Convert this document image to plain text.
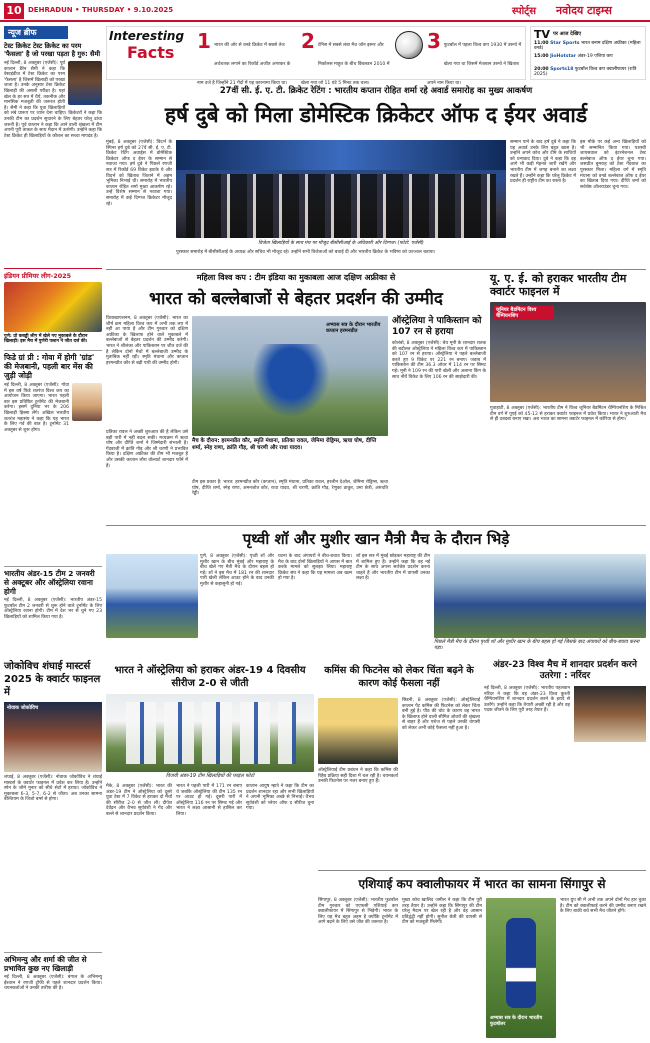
10 DEHRADUN • THURSDAY • 9.10.2025	स्पोर्ट्स नवोदय टाइम्स
न्यूज ब्रीफ
टेस्ट क्रिकेट टेस्ट क्रिकेट का परम 'फैसला' है जो परखा पड़ता है गुरु: सैमी
नई दिल्ली, 8 अक्तूबर (एजेंसी): पूर्व कप्तान डैरेन सैमी ने कहा कि वेस्टइंडीज में टेस्ट क्रिकेट का परम 'फैसला' है जिसमें खिलाड़ी को परखा जाता है। उनके अनुसार टेस्ट क्रिकेट खिलाड़ी की असली परीक्षा है। यहां खेल के हर सत्र में धैर्य, तकनीक और मानसिक मजबूती की जरूरत होती है। सैमी ने कहा कि युवा खिलाड़ियों को लंबे प्रारूप पर ध्यान देना चाहिए। क्रिकेटरों ने कहा कि उनकी टीम का प्रदर्शन सुधारने के लिए बेहतर घरेलू ढांचा जरूरी है। पूर्व कप्तान ने कहा कि आने वाली श्रृंखला में टीम अपनी पूरी ताकत के साथ मैदान में उतरेगी। उन्होंने कहा कि टेस्ट क्रिकेट ही खिलाड़ियों के कौशल का सच्चा मापदंड है।
इंडियन प्रीमियर लीग-2025
पुणे: प्रो कबड्डी लीग में खेले गए मुकाबले के दौरान खिलाड़ी। इस मैच में पुणेरी पल्टन ने जीत दर्ज की।
फिडे ग्रां प्री : गोवा में होगी 'ग्रांड' की मेजबानी, पहली बार मेंस की जुड़ी जोड़ी
नई दिल्ली, 8 अक्तूबर (एजेंसी): गोवा में इस वर्ष फिडे शतरंज विश्व कप का आयोजन किया जाएगा। भारत पहली बार इस प्रतिष्ठित टूर्नामेंट की मेजबानी करेगा। इसमें दुनिया भर के 206 खिलाड़ी हिस्सा लेंगे। अखिल भारतीय शतरंज महासंघ ने कहा कि यह भारत के लिए गर्व की बात है। टूर्नामेंट 31 अक्तूबर से शुरू होगा।
भारतीय अंडर-15 टीम 2 जनवरी से अक्टूबर और ऑस्ट्रेलिया रवाना होगी
नई दिल्ली, 8 अक्तूबर (एजेंसी): भारतीय अंडर-15 फुटबॉल टीम 2 जनवरी से शुरू होने वाले टूर्नामेंट के लिए ऑस्ट्रेलिया रवाना होगी। टीम में देश भर से चुने गए 23 खिलाड़ियों को शामिल किया गया है।
Interesting
Facts	1 भारत की ओर से वनडे क्रिकेट में सबसे तेज अर्धशतक लगाने का रिकॉर्ड अजीत अगरकर के नाम दर्ज है जिन्होंने 21 गेंदों में यह कारनामा किया था।
2 टेनिस में सबसे लंबा मैच जॉन इस्नर और निकोलस माहुत के बीच विंबलडन 2010 में खेला गया जो 11 घंटे 5 मिनट तक चला।
3 फुटबॉल में पहला विश्व कप 1930 में उरुग्वे में खेला गया था जिसमें मेजबान उरुग्वे ने खिताब अपने नाम किया था।
TV पर आज देखिए
11:00 Star Sports भारत बनाम दक्षिण अफ्रीका (महिला वनडे)
15:00 JioHotstar अंडर-19 एशिया कप
20:00 Sports18 फुटबॉल विश्व कप क्वालीफायर (रात्रि 2025)
27वीं सी. ई. ए. टी. क्रिकेट रेटिंग : भारतीय कप्तान रोहित शर्मा रहे अवार्ड समारोह का मुख्य आकर्षण
हर्ष दुबे को मिला डोमेस्टिक क्रिकेटर ऑफ द ईयर अवार्ड
मुंबई, 8 अक्तूबर (एजेंसी): विदर्भ के स्पिनर हर्ष दुबे को 27वें सी. ई. ए. टी. क्रिकेट रेटिंग अवार्ड्स में डोमेस्टिक क्रिकेटर ऑफ द ईयर के सम्मान से नवाजा गया। हर्ष दुबे ने पिछले रणजी सत्र में रिकॉर्ड 69 विकेट झटके थे और विदर्भ को खिताब जिताने में अहम भूमिका निभाई थी। समारोह में भारतीय कप्तान रोहित शर्मा मुख्य आकर्षण रहे। उन्हें विशेष सम्मान से नवाजा गया। समारोह में कई दिग्गज क्रिकेटर मौजूद रहे।
विजेता खिलाड़ियों के साथ मंच पर मौजूद बीसीसीआई के अधिकारी और दिग्गज। (फोटो: एजेंसी)
सम्मान पाने के बाद हर्ष दुबे ने कहा कि यह अवार्ड उनके लिए बहुत खास है। उन्होंने अपने कोच और टीम के साथियों को धन्यवाद दिया। दुबे ने कहा कि वह आगे भी कड़ी मेहनत जारी रखेंगे और भारतीय टीम में जगह बनाने का लक्ष्य रखते हैं। उन्होंने कहा कि घरेलू क्रिकेट में प्रदर्शन ही राष्ट्रीय टीम का रास्ता है।
इस मौके पर कई अन्य खिलाड़ियों को भी सम्मानित किया गया। यशस्वी जायसवाल को इंटरनेशनल टेस्ट बल्लेबाज ऑफ द ईयर चुना गया। जसप्रीत बुमराह को टेस्ट गेंदबाज का पुरस्कार मिला। महिला वर्ग में स्मृति मंधाना को वनडे बल्लेबाज ऑफ द ईयर का खिताब दिया गया। दीप्ति शर्मा को सर्वश्रेष्ठ ऑलराउंडर चुना गया।
पुरस्कार समारोह में बीसीसीआई के अध्यक्ष और सचिव भी मौजूद रहे। उन्होंने सभी विजेताओं को बधाई दी और भारतीय क्रिकेट के भविष्य को उज्ज्वल बताया।
महिला विश्व कप : टीम इंडिया का मुकाबला आज दक्षिण अफ्रीका से
भारत को बल्लेबाजों से बेहतर प्रदर्शन की उम्मीद
विशाखापत्तनम, 8 अक्तूबर (एजेंसी): भारत का शीर्ष क्रम महिला विश्व कप में अभी तक लय में नहीं आ पाया है और टीम गुरुवार को दक्षिण अफ्रीका के खिलाफ होने वाले मुकाबले में बल्लेबाजों से बेहतर प्रदर्शन की उम्मीद करेगी। भारत ने श्रीलंका और पाकिस्तान पर जीत दर्ज की है लेकिन दोनों मैचों में बल्लेबाजी उम्मीद के मुताबिक नहीं रही। स्मृति मंधाना और कप्तान हरमनप्रीत कौर से बड़ी पारी की उम्मीद होगी।
प्रतिका रावल ने अच्छी शुरुआत की है लेकिन उसे बड़ी पारी में नहीं बदल सकी। मध्यक्रम में ऋचा घोष और दीप्ति शर्मा ने जिम्मेदारी संभाली है। गेंदबाजी में क्रांति गौड़ और श्री चरणी ने प्रभावित किया है। दक्षिण अफ्रीका की टीम भी मजबूत है और उसकी कप्तान लौरा वोल्वार्ट शानदार फॉर्म में हैं।
अभ्यास सत्र के दौरान भारतीय कप्तान हरमनप्रीत
मैच के दौरान: हरमनप्रीत कौर, स्मृति मंधाना, प्रतिका रावल, जेमिमा रोड्रिग्स, ऋचा घोष, दीप्ति शर्मा, स्नेह राणा, क्रांति गौड़, श्री चरणी और राधा यादव।
टीम इस प्रकार है: भारत: हरमनप्रीत कौर (कप्तान), स्मृति मंधाना, प्रतिका रावल, हरलीन देओल, जेमिमा रोड्रिग्स, ऋचा घोष, दीप्ति शर्मा, स्नेह राणा, अमनजोत कौर, राधा यादव, श्री चरणी, क्रांति गौड़, रेणुका ठाकुर, उमा छेत्री, अरुंधति रेड्डी।
ऑस्ट्रेलिया ने पाकिस्तान को 107 रन से हराया
कोलंबो, 8 अक्तूबर (एजेंसी): बेथ मूनी के शानदार शतक की बदौलत ऑस्ट्रेलिया ने महिला विश्व कप में पाकिस्तान को 107 रन से हराया। ऑस्ट्रेलिया ने पहले बल्लेबाजी करते हुए 9 विकेट पर 221 रन बनाए। जवाब में पाकिस्तान की टीम 36.3 ओवर में 114 रन पर सिमट गई। मूनी ने 109 रन की पारी खेली और अलाना किंग के साथ नौवें विकेट के लिए 106 रन की साझेदारी की।
यू. ए. ई. को हराकर भारतीय टीम क्वार्टर फाइनल में
जूनियर बैडमिंटन विश्व चैम्पियनशिप
गुवाहाटी, 8 अक्तूबर (एजेंसी): भारतीय टीम ने विश्व जूनियर बैडमिंटन चैम्पियनशिप के मिश्रित टीम वर्ग में यूएई को 45-12 से हराकर क्वार्टर फाइनल में प्रवेश किया। भारत ने शुरुआती मैच से ही दबदबा बनाए रखा। अब भारत का सामना क्वार्टर फाइनल में कोरिया से होगा।
पृथ्वी शॉ और मुशीर खान मैत्री मैच के दौरान भिड़े
पुणे, 8 अक्तूबर (एजेंसी): पृथ्वी शॉ और मुशीर खान के बीच मुंबई और महाराष्ट्र के बीच खेले गए मैत्री मैच के दौरान बहस हो गई। शॉ ने इस मैच में 181 रन की शानदार पारी खेली लेकिन आउट होने के बाद उनकी मुशीर से कहासुनी हो गई।
घटना के बाद अंपायरों ने बीच-बचाव किया। मैच के बाद दोनों खिलाड़ियों ने आपस में बात करके मामले को सुलझा लिया। महाराष्ट्र क्रिकेट संघ ने कहा कि यह मामला अब खत्म हो गया है।
शॉ इस सत्र में मुंबई छोड़कर महाराष्ट्र की टीम में शामिल हुए हैं। उन्होंने कहा कि वह नई टीम के साथ अपना सर्वश्रेष्ठ प्रदर्शन करना चाहते हैं और भारतीय टीम में वापसी उनका लक्ष्य है।
पिछले मैत्री मैच के दौरान पृथ्वी शॉ और मुशीर खान के बीच बहस हो गई जिसके बाद अंपायरों को बीच-बचाव करना पड़ा।
जोकोविच शंघाई मास्टर्स 2025 के क्वार्टर फाइनल में
नोवाक जोकोविच
शंघाई, 8 अक्तूबर (एजेंसी): नोवाक जोकोविच ने शंघाई मास्टर्स के क्वार्टर फाइनल में प्रवेश कर लिया है। उन्होंने स्पेन के जौमे मुनार को सीधे सेटों में हराया। जोकोविच ने मुकाबला 6-3, 5-7, 6-2 से जीता। अब उनका सामना बेल्जियम के जिजो बर्ग्स से होगा।
अभिमन्यु और शर्मा की जीत से प्रभावित कुछ नए खिलाड़ी
नई दिल्ली, 8 अक्तूबर (एजेंसी): बंगाल के अभिमन्यु ईश्वरन ने रणजी ट्रॉफी से पहले शानदार प्रदर्शन किया। चयनकर्ताओं ने उनकी तारीफ की है।
भारत ने ऑस्ट्रेलिया को हराकर अंडर-19 4 दिवसीय सीरीज 2-0 से जीती
विजयी अंडर-19 टीम खिलाड़ियों की फाइल फोटो
मैके, 8 अक्तूबर (एजेंसी): भारत की अंडर-19 टीम ने ऑस्ट्रेलिया को दूसरे युवा टेस्ट में 7 विकेट से हराकर दो मैचों की सीरीज 2-0 से जीत ली। दीपेश देवेंद्रन और वैभव सूर्यवंशी ने गेंद और बल्ले से शानदार प्रदर्शन किया।
भारत ने पहली पारी में 171 रन बनाए थे जबकि ऑस्ट्रेलिया की टीम 135 रन पर आउट हो गई। दूसरी पारी में ऑस्ट्रेलिया 116 रन पर सिमट गई और भारत ने लक्ष्य आसानी से हासिल कर लिया।
कप्तान आयुष म्हात्रे ने कहा कि टीम का प्रदर्शन शानदार रहा और सभी खिलाड़ियों ने अपनी भूमिका अच्छे से निभाई। वैभव सूर्यवंशी को प्लेयर ऑफ द सीरीज चुना गया।
कमिंस की फिटनेस को लेकर चिंता बढ़ने के कारण कोई फैसला नहीं
सिडनी, 8 अक्तूबर (एजेंसी): ऑस्ट्रेलियाई कप्तान पैट कमिंस की फिटनेस को लेकर चिंता बनी हुई है। पीठ की चोट के कारण वह भारत के खिलाफ होने वाली सीमित ओवरों की श्रृंखला से बाहर हैं और एशेज से पहले उनकी वापसी को लेकर अभी कोई फैसला नहीं हुआ है।
ऑस्ट्रेलियाई टीम प्रबंधन ने कहा कि कमिंस की रिहैब प्रक्रिया सही दिशा में चल रही है। चयनकर्ता उनकी फिटनेस पर नजर बनाए हुए हैं।
अंडर-23 विश्व मैच में शानदार प्रदर्शन करने उतरेगा : नरिंदर
नई दिल्ली, 8 अक्तूबर (एजेंसी): भारतीय पहलवान नरिंदर ने कहा कि वह अंडर-23 विश्व कुश्ती चैम्पियनशिप में शानदार प्रदर्शन करने के इरादे से उतरेंगे। उन्होंने कहा कि तैयारी अच्छी रही है और वह पदक जीतने के लिए पूरी तरह तैयार हैं।
एशियाई कप क्वालीफायर में भारत का सामना सिंगापुर से
सिंगापुर, 8 अक्तूबर (एजेंसी): भारतीय फुटबॉल टीम गुरुवार को एएफसी एशियाई कप क्वालीफायर में सिंगापुर से भिड़ेगी। भारत के लिए यह मैच बहुत अहम है क्योंकि टूर्नामेंट में आगे बढ़ने के लिए उसे जीत की जरूरत है।
मुख्य कोच खालिद जमील ने कहा कि टीम पूरी तरह तैयार है। उन्होंने कहा कि सिंगापुर की टीम घरेलू मैदान पर खेल रही है और वह आसान प्रतिद्वंद्वी नहीं होगी। सुनील छेत्री की वापसी से टीम को मजबूती मिलेगी।
अभ्यास सत्र के दौरान भारतीय फुटबॉलर
भारत ग्रुप सी में अभी तक अपने दोनों मैच हार चुका है। टीम को क्वालीफाई करने की उम्मीद बनाए रखने के लिए बाकी बचे सभी मैच जीतने होंगे।
